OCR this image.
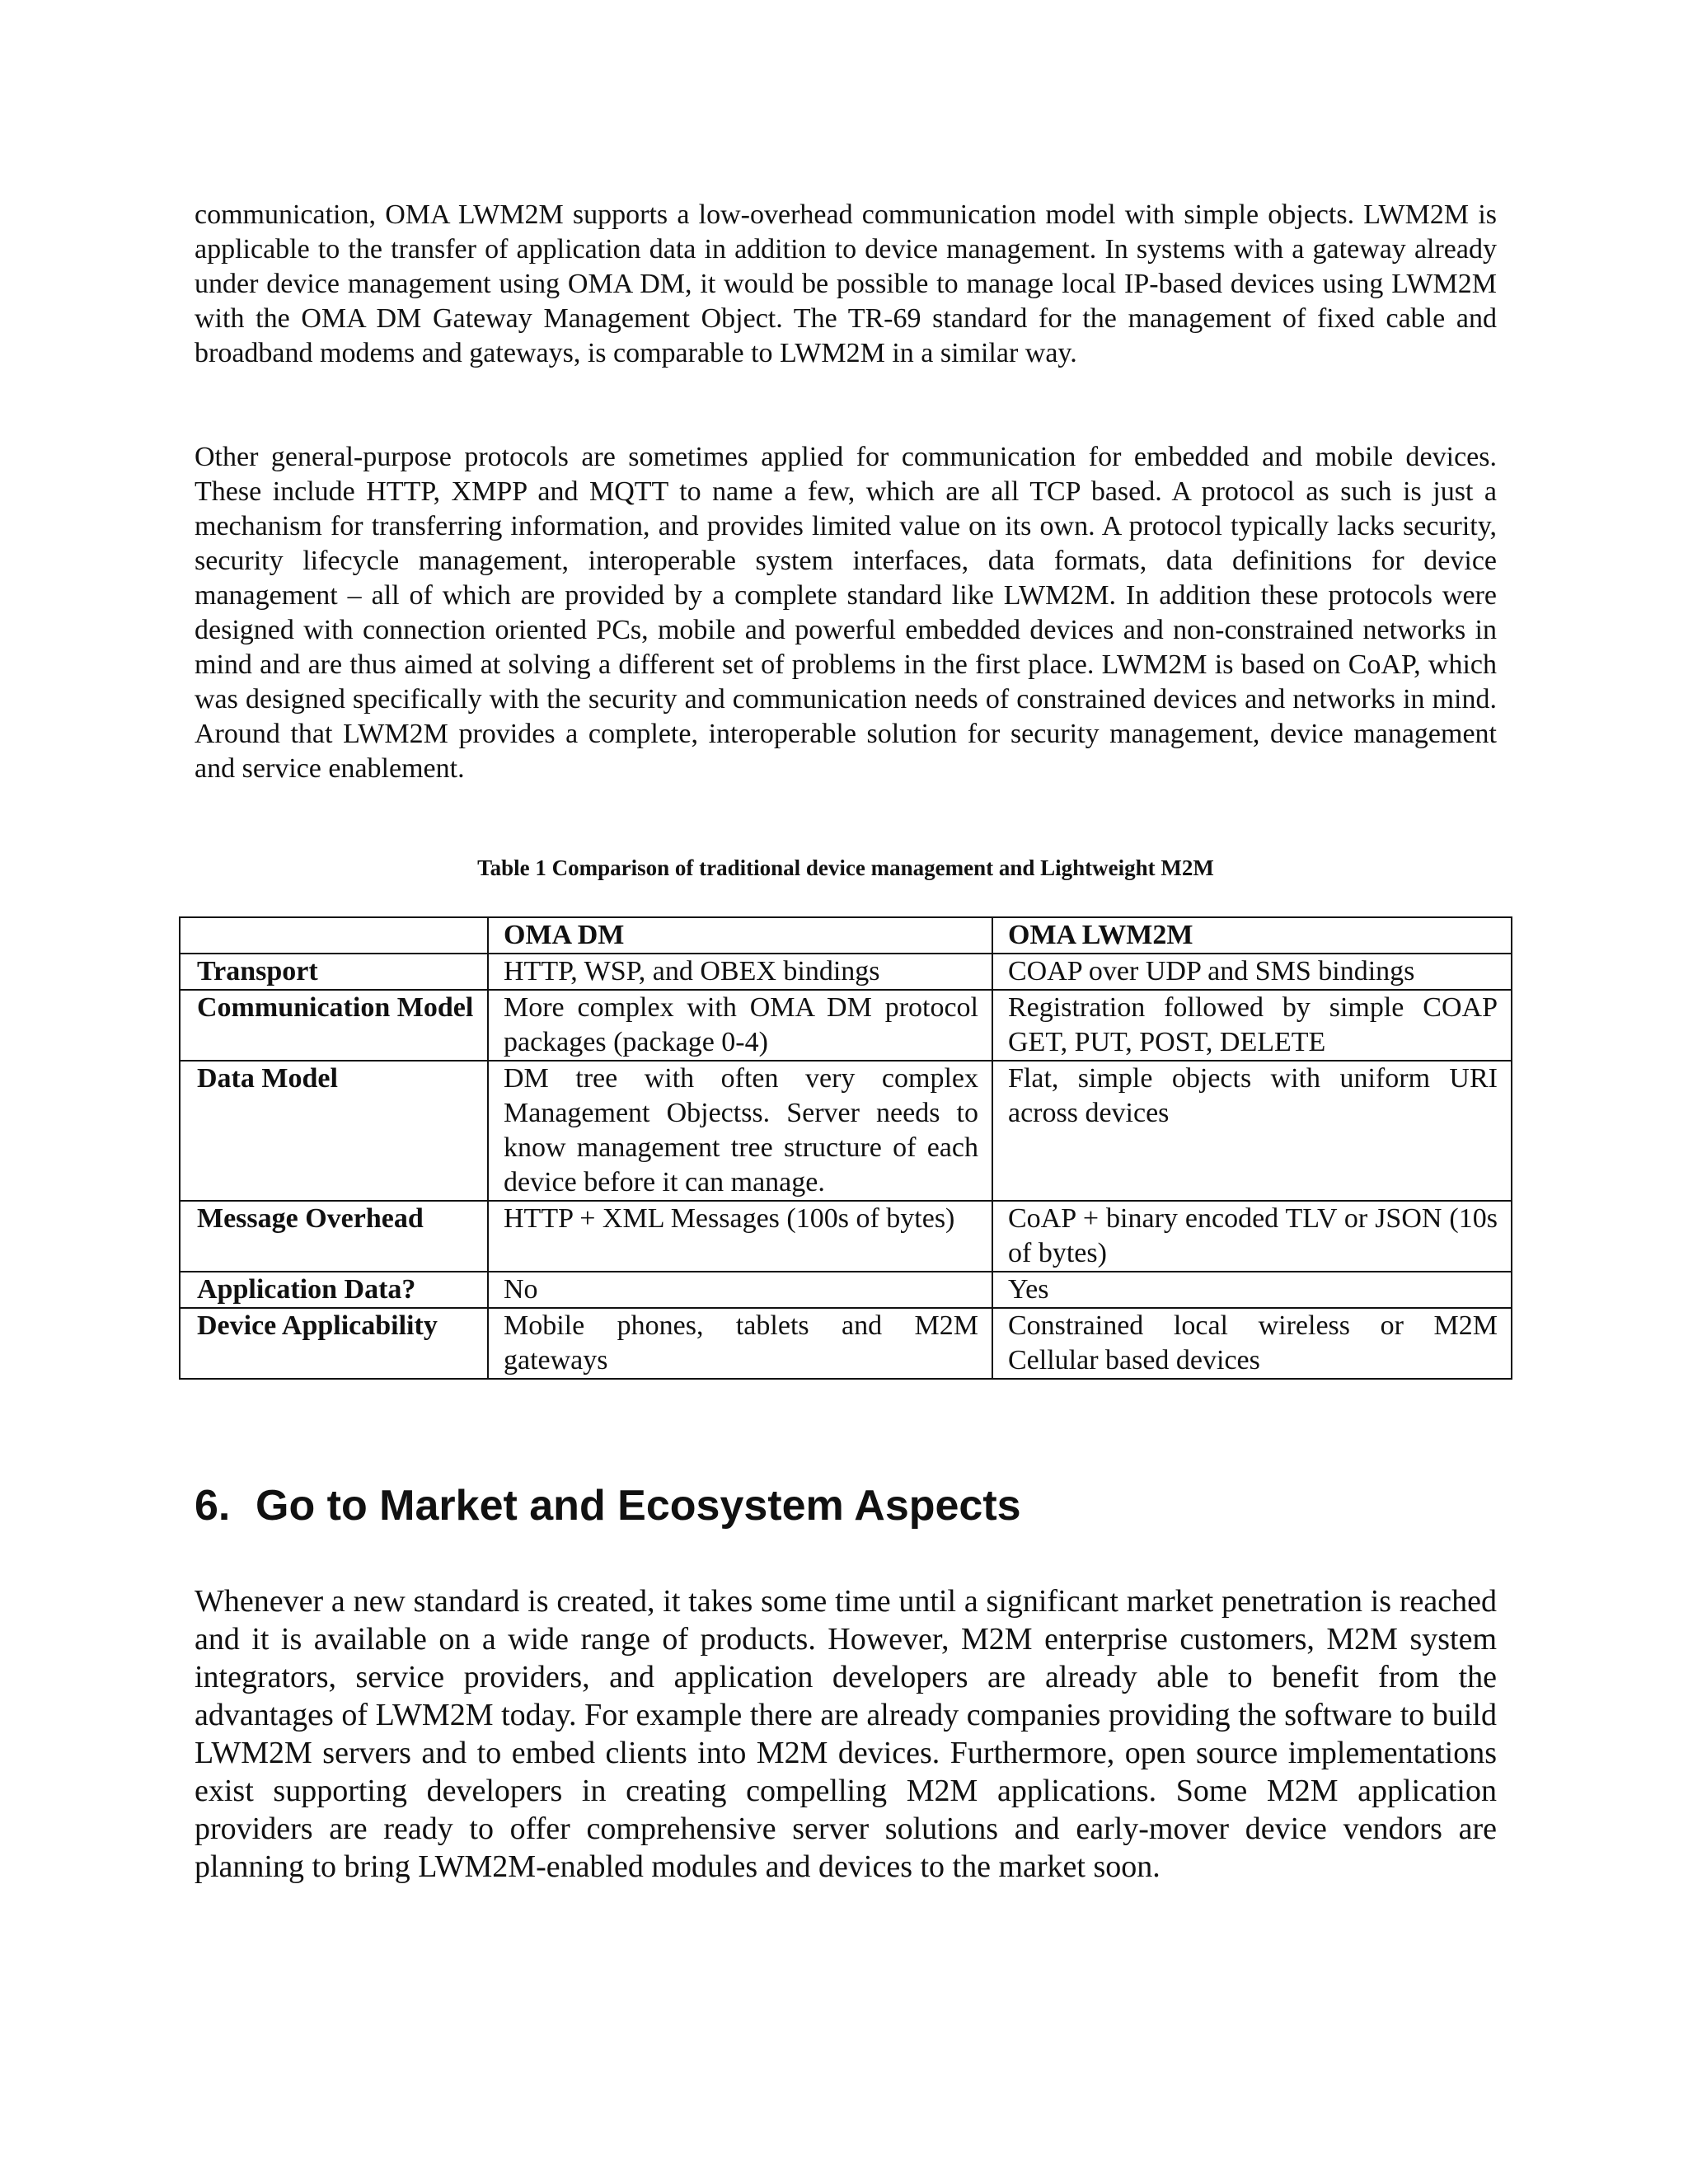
communication, OMA LWM2M supports a low-overhead communication model with simple objects. LWM2M is applicable to the transfer of application data in addition to device management. In systems with a gateway already under device management using OMA DM, it would be possible to manage local IP-based devices using LWM2M with the OMA DM Gateway Management Object. The TR-69 standard for the management of fixed cable and broadband modems and gateways, is comparable to LWM2M in a similar way.

Other general-purpose protocols are sometimes applied for communication for embedded and mobile devices. These include HTTP, XMPP and MQTT to name a few, which are all TCP based. A protocol as such is just a mechanism for transferring information, and provides limited value on its own. A protocol typically lacks security, security lifecycle management, interoperable system interfaces, data formats, data definitions for device management – all of which are provided by a complete standard like LWM2M. In addition these protocols were designed with connection oriented PCs, mobile and powerful embedded devices and non-constrained networks in mind and are thus aimed at solving a different set of problems in the first place. LWM2M is based on CoAP, which was designed specifically with the security and communication needs of constrained devices and networks in mind. Around that LWM2M provides a complete, interoperable solution for security management, device management and service enablement.

Table 1 Comparison of traditional device management and Lightweight M2M

	OMA DM	OMA LWM2M
Transport	HTTP, WSP, and OBEX bindings	COAP over UDP and SMS bindings
Communication Model	More complex with OMA DM protocol packages (package 0-4)	Registration followed by simple COAP GET, PUT, POST, DELETE
Data Model	DM tree with often very complex Management Objectss. Server needs to know management tree structure of each device before it can manage.	Flat, simple objects with uniform URI across devices
Message Overhead	HTTP + XML Messages (100s of bytes)	CoAP + binary encoded TLV or JSON (10s of bytes)
Application Data?	No	Yes
Device Applicability	Mobile phones, tablets and M2M gateways	Constrained local wireless or M2M Cellular based devices
6. Go to Market and Ecosystem Aspects

Whenever a new standard is created, it takes some time until a significant market penetration is reached and it is available on a wide range of products. However, M2M enterprise customers, M2M system integrators, service providers, and application developers are already able to benefit from the advantages of LWM2M today. For example there are already companies providing the software to build LWM2M servers and to embed clients into M2M devices. Furthermore, open source implementations exist supporting developers in creating compelling M2M applications. Some M2M application providers are ready to offer comprehensive server solutions and early-mover device vendors are planning to bring LWM2M-enabled modules and devices to the market soon.
